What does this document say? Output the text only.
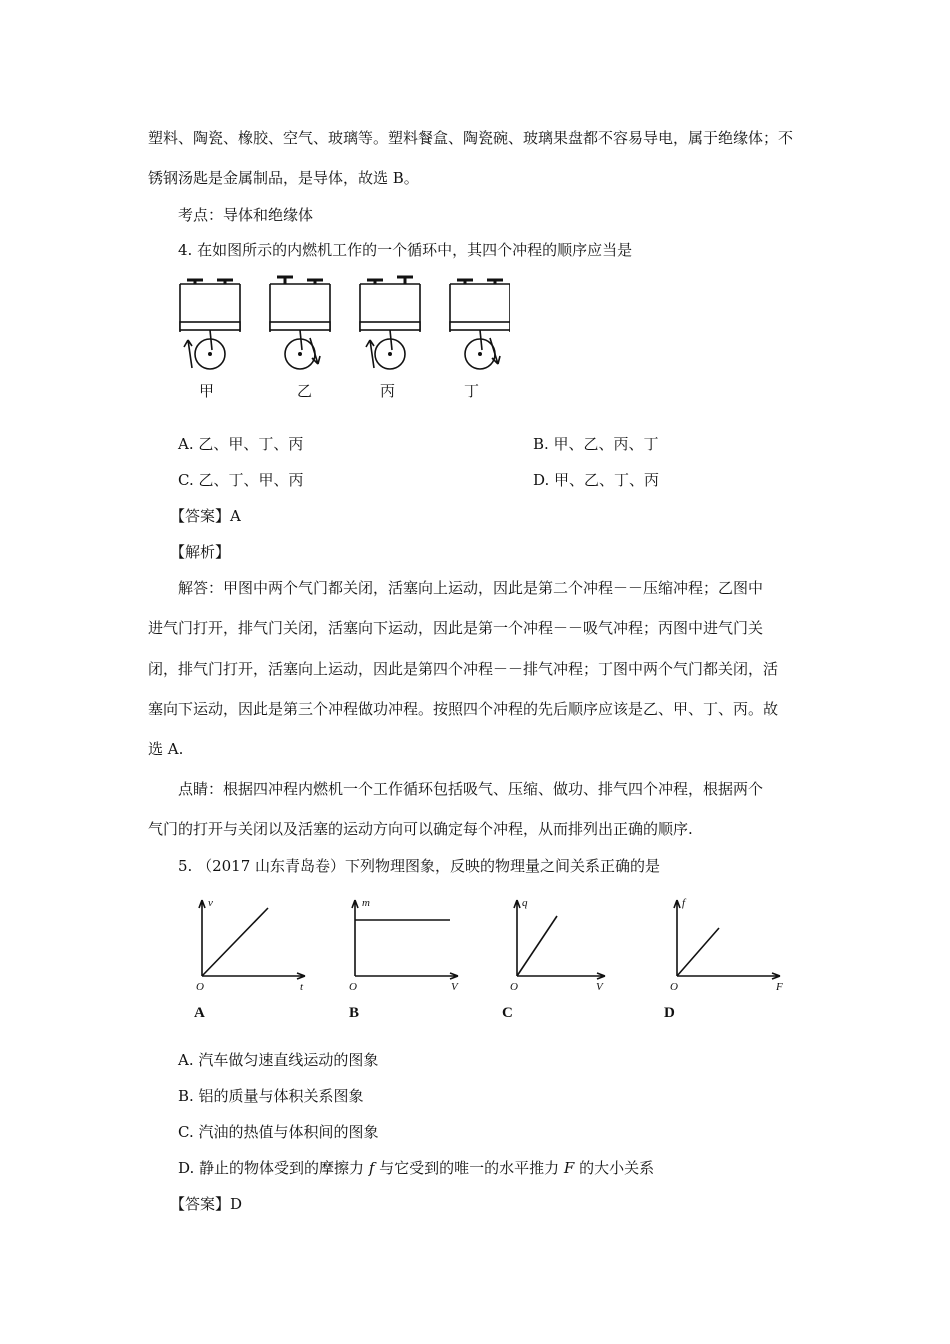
塑料、陶瓷、橡胶、空气、玻璃等。塑料餐盒、陶瓷碗、玻璃果盘都不容易导电，属于绝缘体；不
锈钢汤匙是金属制品，是导体，故选 B。
考点：导体和绝缘体
4. 在如图所示的内燃机工作的一个循环中，其四个冲程的顺序应当是
甲	乙	丙	丁
A. 乙、甲、丁、丙	B. 甲、乙、丙、丁
C. 乙、丁、甲、丙	D. 甲、乙、丁、丙
【答案】A
【解析】
解答：甲图中两个气门都关闭，活塞向上运动，因此是第二个冲程－－压缩冲程；乙图中
进气门打开，排气门关闭，活塞向下运动，因此是第一个冲程－－吸气冲程；丙图中进气门关
闭，排气门打开，活塞向上运动，因此是第四个冲程－－排气冲程；丁图中两个气门都关闭，活
塞向下运动，因此是第三个冲程做功冲程。按照四个冲程的先后顺序应该是乙、甲、丁、丙。故
选 A.
点睛：根据四冲程内燃机一个工作循环包括吸气、压缩、做功、排气四个冲程，根据两个
气门的打开与关闭以及活塞的运动方向可以确定每个冲程，从而排列出正确的顺序.
5. （2017 山东青岛卷）下列物理图象，反映的物理量之间关系正确的是
v
O	t
A
m
O	V
B
q
O	V
C
f
O	F
D
A. 汽车做匀速直线运动的图象
B. 铝的质量与体积关系图象
C. 汽油的热值与体积间的图象
D. 静止的物体受到的摩擦力 f 与它受到的唯一的水平推力 F 的大小关系
【答案】D
